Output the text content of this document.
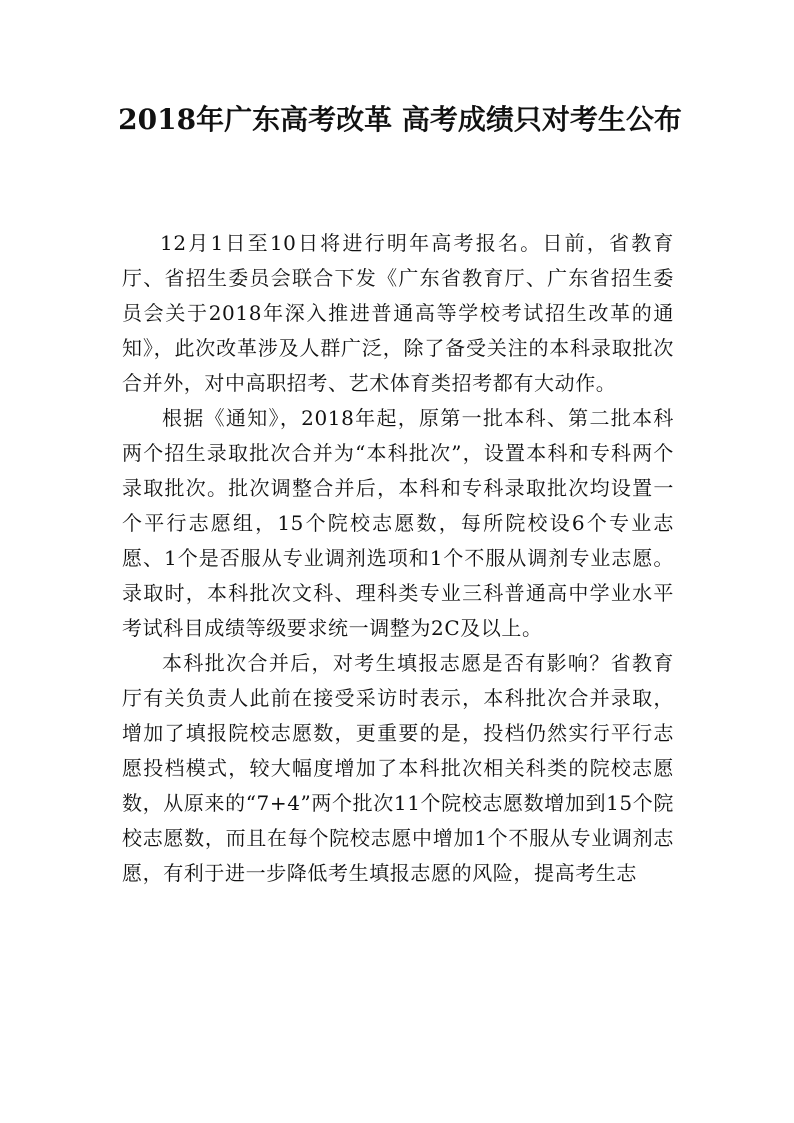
2018年广东高考改革 高考成绩只对考生公布

12月1日至10日将进行明年高考报名。日前，省教育厅、省招生委员会联合下发《广东省教育厅、广东省招生委员会关于2018年深入推进普通高等学校考试招生改革的通知》，此次改革涉及人群广泛，除了备受关注的本科录取批次合并外，对中高职招考、艺术体育类招考都有大动作。

根据《通知》，2018年起，原第一批本科、第二批本科两个招生录取批次合并为“本科批次”，设置本科和专科两个录取批次。批次调整合并后，本科和专科录取批次均设置一个平行志愿组，15个院校志愿数，每所院校设6个专业志愿、1个是否服从专业调剂选项和1个不服从调剂专业志愿。录取时，本科批次文科、理科类专业三科普通高中学业水平考试科目成绩等级要求统一调整为2C及以上。

本科批次合并后，对考生填报志愿是否有影响？省教育厅有关负责人此前在接受采访时表示，本科批次合并录取，增加了填报院校志愿数，更重要的是，投档仍然实行平行志愿投档模式，较大幅度增加了本科批次相关科类的院校志愿数，从原来的“7+4”两个批次11个院校志愿数增加到15个院校志愿数，而且在每个院校志愿中增加1个不服从专业调剂志愿，有利于进一步降低考生填报志愿的风险，提高考生志
